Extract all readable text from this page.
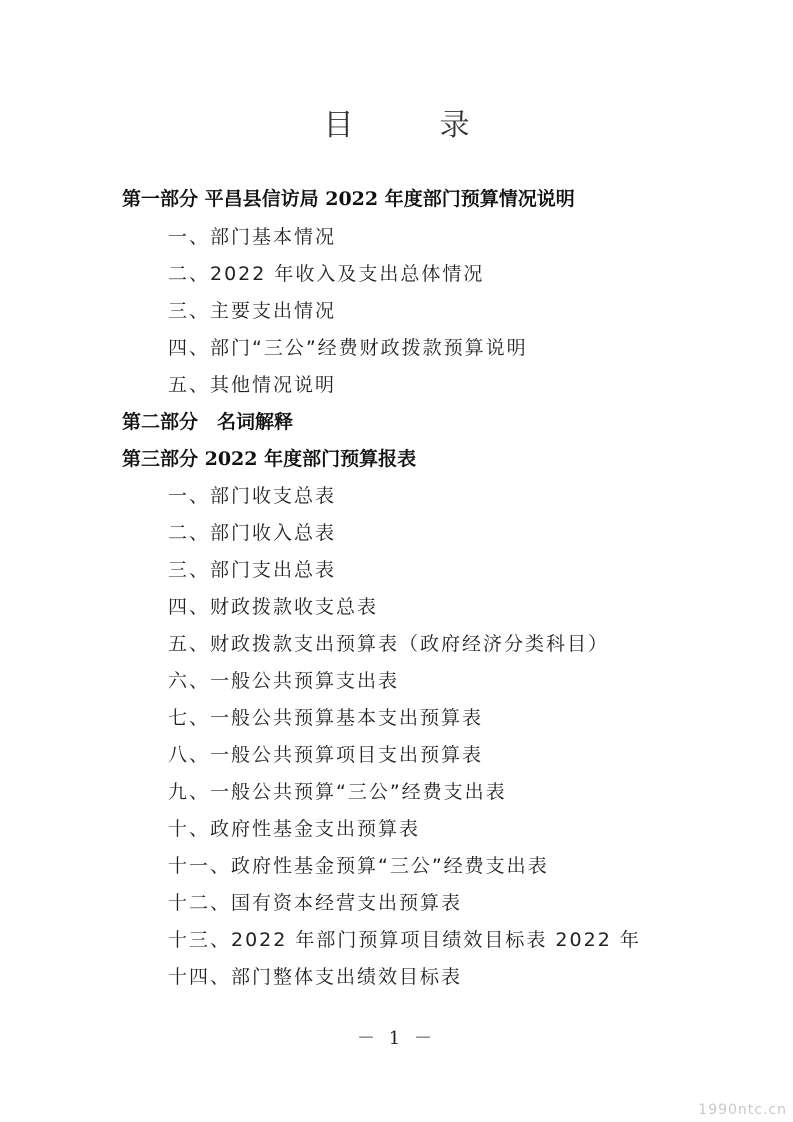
目　录
第一部分 平昌县信访局 2022 年度部门预算情况说明
一、部门基本情况
二、2022 年收入及支出总体情况
三、主要支出情况
四、部门“三公”经费财政拨款预算说明
五、其他情况说明
第二部分　名词解释
第三部分 2022 年度部门预算报表
一、部门收支总表
二、部门收入总表
三、部门支出总表
四、财政拨款收支总表
五、财政拨款支出预算表（政府经济分类科目）
六、一般公共预算支出表
七、一般公共预算基本支出预算表
八、一般公共预算项目支出预算表
九、一般公共预算“三公”经费支出表
十、政府性基金支出预算表
十一、政府性基金预算“三公”经费支出表
十二、国有资本经营支出预算表
十三、2022 年部门预算项目绩效目标表 2022 年
十四、部门整体支出绩效目标表
－ 1 －
1990ntc.cn
